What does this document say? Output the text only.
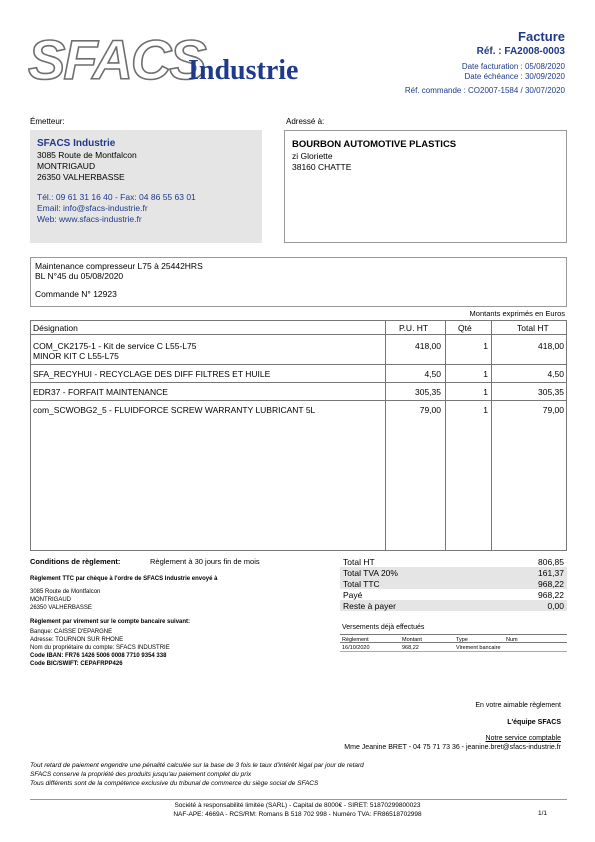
SFACS
Industrie
Facture
Réf. : FA2008-0003
Date facturation : 05/08/2020
Date échéance : 30/09/2020
Réf. commande : CO2007-1584 / 30/07/2020
Émetteur:	Adressé à:
SFACS Industrie
3085 Route de Montfalcon
MONTRIGAUD
26350 VALHERBASSE
Tél.: 09 61 31 16 40 - Fax: 04 86 55 63 01
Email: info@sfacs-industrie.fr
Web: www.sfacs-industrie.fr
BOURBON AUTOMOTIVE PLASTICS
zi Gloriette
38160 CHATTE
Maintenance compresseur L75 à 25442HRS
BL N°45 du 05/08/2020
Commande N° 12923
Montants exprimés en Euros
Désignation	P.U. HT	Qté	Total HT
COM_CK2175-1 - Kit de service C L55-L75
MINOR KIT C L55-L75
418,00	1	418,00
SFA_RECYHUI - RECYCLAGE DES DIFF FILTRES ET HUILE	4,50	1	4,50
EDR37 - FORFAIT MAINTENANCE	305,35	1	305,35
com_SCWOBG2_5 - FLUIDFORCE SCREW WARRANTY LUBRICANT 5L	79,00	1	79,00
Conditions de règlement:	Règlement à 30 jours fin de mois
Règlement TTC par chèque à l'ordre de SFACS Industrie envoyé à
3085 Route de Montfalcon
MONTRIGAUD
26350 VALHERBASSE
Règlement par virement sur le compte bancaire suivant:
Banque: CAISSE D'EPARGNE
Adresse: TOURNON SUR RHONE
Nom du propriétaire du compte: SFACS INDUSTRIE
Code IBAN: FR76 1426 5006 0008 7710 9354 338
Code BIC/SWIFT: CEPAFRPP426
Total HT	806,85
Total TVA 20%	161,37
Total TTC	968,22
Payé	968,22
Reste à payer	0,00
Versements déjà effectués
Règlement	Montant	Type	Num
16/10/2020	968,22	Virement bancaire
En votre aimable règlement
L'équipe SFACS
Notre service comptable
Mme Jeanine BRET - 04 75 71 73 36 - jeanine.bret@sfacs-industrie.fr
Tout retard de paiement engendre une pénalité calculée sur la base de 3 fois le taux d'intérêt légal par jour de retard
SFACS conserve la propriété des produits jusqu'au paiement complet du prix
Tous différents sont de la compétence exclusive du tribunal de commerce du siège social de SFACS
Société à responsabilité limitée (SARL) - Capital de 8000€ - SIRET: 51870299800023
NAF-APE: 4669A - RCS/RM: Romans B 518 702 998 - Numéro TVA: FR86518702998	1/1
